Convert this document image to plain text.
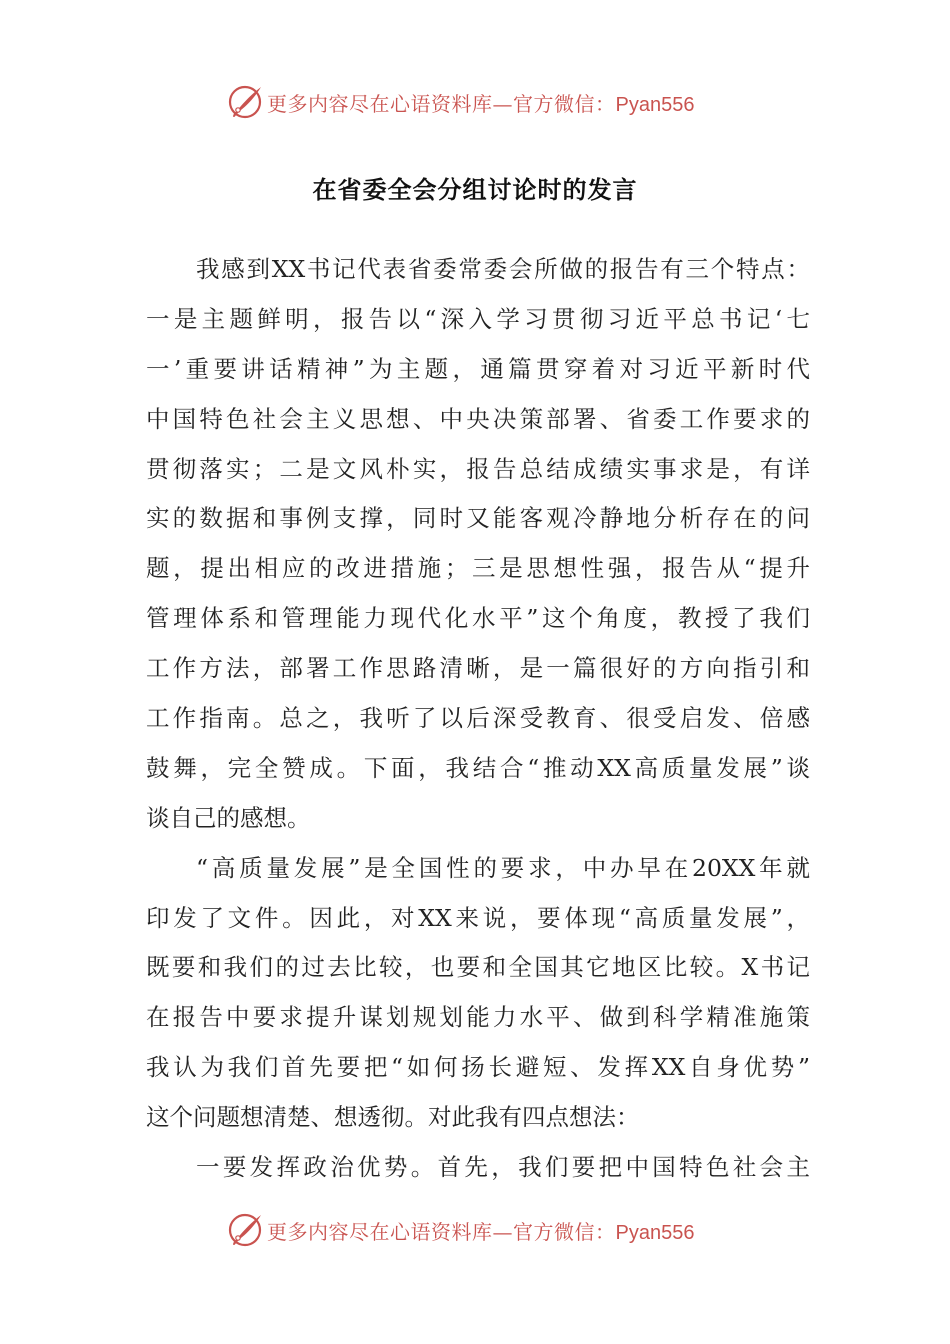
更多内容尽在心语资料库—官方微信：Pyan556
在省委全会分组讨论时的发言
我感到XX书记代表省委常委会所做的报告有三个特点：
一是主题鲜明，报告以“深入学习贯彻习近平总书记‘七
一’重要讲话精神”为主题，通篇贯穿着对习近平新时代
中国特色社会主义思想、中央决策部署、省委工作要求的
贯彻落实；二是文风朴实，报告总结成绩实事求是，有详
实的数据和事例支撑，同时又能客观冷静地分析存在的问
题，提出相应的改进措施；三是思想性强，报告从“提升
管理体系和管理能力现代化水平”这个角度，教授了我们
工作方法，部署工作思路清晰，是一篇很好的方向指引和
工作指南。总之，我听了以后深受教育、很受启发、倍感
鼓舞，完全赞成。下面，我结合“推动XX高质量发展”谈
谈自己的感想。
“高质量发展”是全国性的要求，中办早在20XX年就
印发了文件。因此，对XX来说，要体现“高质量发展”，
既要和我们的过去比较，也要和全国其它地区比较。X书记
在报告中要求提升谋划规划能力水平、做到科学精准施策
我认为我们首先要把“如何扬长避短、发挥XX自身优势”
这个问题想清楚、想透彻。对此我有四点想法：
一要发挥政治优势。首先，我们要把中国特色社会主
更多内容尽在心语资料库—官方微信：Pyan556
